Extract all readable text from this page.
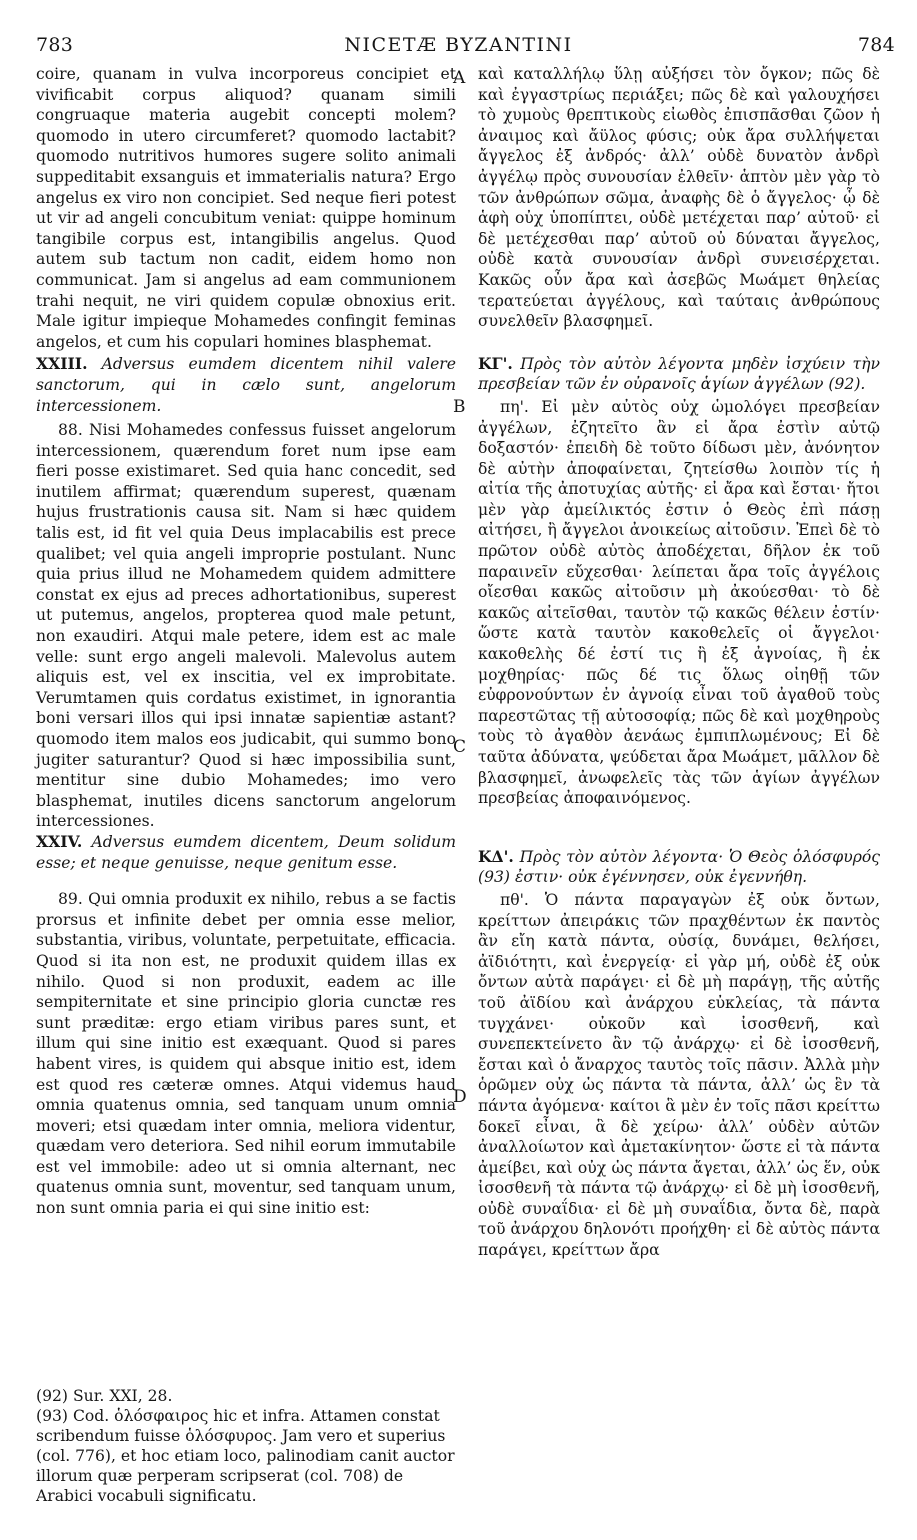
783	NICETÆ BYZANTINI	784
A
B
C
D

coire, quanam in vulva incorporeus concipiet et vivificabit corpus aliquod? quanam simili congruaque materia augebit concepti molem? quomodo in utero circumferet? quomodo lactabit? quomodo nutritivos humores sugere solito animali suppeditabit exsanguis et immaterialis natura? Ergo angelus ex viro non concipiet. Sed neque fieri potest ut vir ad angeli concubitum veniat: quippe hominum tangibile corpus est, intangibilis angelus. Quod autem sub tactum non cadit, eidem homo non communicat. Jam si angelus ad eam communionem trahi nequit, ne viri quidem copulæ obnoxius erit. Male igitur impieque Mohamedes confingit feminas angelos, et cum his copulari homines blasphemat.

XXIII. Adversus eumdem dicentem nihil valere sanctorum, qui in cælo sunt, angelorum intercessionem.

88. Nisi Mohamedes confessus fuisset angelorum intercessionem, quærendum foret num ipse eam fieri posse existimaret. Sed quia hanc concedit, sed inutilem affirmat; quærendum superest, quænam hujus frustrationis causa sit. Nam si hæc quidem talis est, id fit vel quia Deus implacabilis est prece qualibet; vel quia angeli improprie postulant. Nunc quia prius illud ne Mohamedem quidem admittere constat ex ejus ad preces adhortationibus, superest ut putemus, angelos, propterea quod male petunt, non exaudiri. Atqui male petere, idem est ac male velle: sunt ergo angeli malevoli. Malevolus autem aliquis est, vel ex inscitia, vel ex improbitate. Verumtamen quis cordatus existimet, in ignorantia boni versari illos qui ipsi innatæ sapientiæ astant? quomodo item malos eos judicabit, qui summo bono jugiter saturantur? Quod si hæc impossibilia sunt, mentitur sine dubio Mohamedes; imo vero blasphemat, inutiles dicens sanctorum angelorum intercessiones.

XXIV. Adversus eumdem dicentem, Deum solidum esse; et neque genuisse, neque genitum esse.

89. Qui omnia produxit ex nihilo, rebus a se factis prorsus et infinite debet per omnia esse melior, substantia, viribus, voluntate, perpetuitate, efficacia. Quod si ita non est, ne produxit quidem illas ex nihilo. Quod si non produxit, eadem ac ille sempiternitate et sine principio gloria cunctæ res sunt præditæ: ergo etiam viribus pares sunt, et illum qui sine initio est exæquant. Quod si pares habent vires, is quidem qui absque initio est, idem est quod res cæteræ omnes. Atqui videmus haud omnia quatenus omnia, sed tanquam unum omnia moveri; etsi quædam inter omnia, meliora videntur, quædam vero deteriora. Sed nihil eorum immutabile est vel immobile: adeo ut si omnia alternant, nec quatenus omnia sunt, moventur, sed tanquam unum, non sunt omnia paria ei qui sine initio est:

καὶ καταλλήλῳ ὕλῃ αὐξήσει τὸν ὄγκον; πῶς δὲ καὶ ἐγγαστρίως περιάξει; πῶς δὲ καὶ γαλουχήσει τὸ χυμοὺς θρεπτικοὺς εἰωθὸς ἐπισπᾶσθαι ζῶον ἡ ἀναιμος καὶ ἄϋλος φύσις; οὐκ ἄρα συλλήψεται ἄγγελος ἐξ ἀνδρός· ἀλλ’ οὐδὲ δυνατὸν ἀνδρὶ ἀγγέλῳ πρὸς συνουσίαν ἐλθεῖν· ἁπτὸν μὲν γὰρ τὸ τῶν ἀνθρώπων σῶμα, ἀναφὴς δὲ ὁ ἄγγελος· ᾧ δὲ ἁφὴ οὐχ ὑποπίπτει, οὐδὲ μετέχεται παρ’ αὐτοῦ· εἰ δὲ μετέχεσθαι παρ’ αὐτοῦ οὐ δύναται ἄγγελος, οὐδὲ κατὰ συνουσίαν ἀνδρὶ συνεισέρχεται. Κακῶς οὖν ἄρα καὶ ἀσεβῶς Μωάμετ θηλείας τερατεύεται ἀγγέλους, καὶ ταύταις ἀνθρώπους συνελθεῖν βλασφημεῖ.

ΚΓ'. Πρὸς τὸν αὐτὸν λέγοντα μηδὲν ἰσχύειν τὴν πρεσβείαν τῶν ἐν οὐρανοῖς ἁγίων ἀγγέλων (92).

πη'. Εἰ μὲν αὐτὸς οὐχ ὡμολόγει πρεσβείαν ἀγγέλων, ἐζητεῖτο ἂν εἰ ἄρα ἐστὶν αὐτῷ δοξαστόν· ἐπειδὴ δὲ τοῦτο δίδωσι μὲν, ἀνόνητον δὲ αὐτὴν ἀποφαίνεται, ζητείσθω λοιπὸν τίς ἡ αἰτία τῆς ἀποτυχίας αὐτῆς· εἰ ἄρα καὶ ἔσται· ἤτοι μὲν γὰρ ἀμείλικτός ἐστιν ὁ Θεὸς ἐπὶ πάσῃ αἰτήσει, ἢ ἄγγελοι ἀνοικείως αἰτοῦσιν. Ἐπεὶ δὲ τὸ πρῶτον οὐδὲ αὐτὸς ἀποδέχεται, δῆλον ἐκ τοῦ παραινεῖν εὔχεσθαι· λείπεται ἄρα τοῖς ἀγγέλοις οἴεσθαι κακῶς αἰτοῦσιν μὴ ἀκούεσθαι· τὸ δὲ κακῶς αἰτεῖσθαι, ταυτὸν τῷ κακῶς θέλειν ἐστίν· ὥστε κατὰ ταυτὸν κακοθελεῖς οἱ ἄγγελοι· κακοθελὴς δέ ἐστί τις ἢ ἐξ ἀγνοίας, ἢ ἐκ μοχθηρίας· πῶς δέ τις ὅλως οἰηθῇ τῶν εὐφρονούντων ἐν ἀγνοίᾳ εἶναι τοῦ ἀγαθοῦ τοὺς παρεστῶτας τῇ αὐτοσοφίᾳ; πῶς δὲ καὶ μοχθηροὺς τοὺς τὸ ἀγαθὸν ἀενάως ἐμπιπλωμένους; Εἰ δὲ ταῦτα ἀδύνατα, ψεύδεται ἄρα Μωάμετ, μᾶλλον δὲ βλασφημεῖ, ἀνωφελεῖς τὰς τῶν ἁγίων ἀγγέλων πρεσβείας ἀποφαινόμενος.

ΚΔ'. Πρὸς τὸν αὐτὸν λέγοντα· Ὁ Θεὸς ὁλόσφυρός (93) ἐστιν· οὐκ ἐγέννησεν, οὐκ ἐγεννήθη.

πθ'. Ὁ πάντα παραγαγὼν ἐξ οὐκ ὄντων, κρείττων ἀπειράκις τῶν πραχθέντων ἐκ παντὸς ἂν εἴη κατὰ πάντα, οὐσίᾳ, δυνάμει, θελήσει, ἀϊδιότητι, καὶ ἐνεργείᾳ· εἰ γὰρ μή, οὐδὲ ἐξ οὐκ ὄντων αὐτὰ παράγει· εἰ δὲ μὴ παράγῃ, τῆς αὐτῆς τοῦ ἀϊδίου καὶ ἀνάρχου εὐκλείας, τὰ πάντα τυγχάνει· οὐκοῦν καὶ ἰσοσθενῆ, καὶ συνεπεκτείνετο ἂν τῷ ἀνάρχῳ· εἰ δὲ ἰσοσθενῆ, ἔσται καὶ ὁ ἄναρχος ταυτὸς τοῖς πᾶσιν. Ἀλλὰ μὴν ὁρῶμεν οὐχ ὡς πάντα τὰ πάντα, ἀλλ’ ὡς ἓν τὰ πάντα ἀγόμενα· καίτοι ἃ μὲν ἐν τοῖς πᾶσι κρείττω δοκεῖ εἶναι, ἃ δὲ χείρω· ἀλλ’ οὐδὲν αὐτῶν ἀναλλοίωτον καὶ ἀμετακίνητον· ὥστε εἰ τὰ πάντα ἀμείβει, καὶ οὐχ ὡς πάντα ἄγεται, ἀλλ’ ὡς ἕν, οὐκ ἰσοσθενῆ τὰ πάντα τῷ ἀνάρχῳ· εἰ δὲ μὴ ἰσοσθενῆ, οὐδὲ συναΐδια· εἰ δὲ μὴ συναΐδια, ὄντα δὲ, παρὰ τοῦ ἀνάρχου δηλονότι προήχθη· εἰ δὲ αὐτὸς πάντα παράγει, κρείττων ἄρα

(92) Sur. XXI, 28.
(93) Cod. ὁλόσφαιρος hic et infra. Attamen constat scribendum fuisse ὁλόσφυρος. Jam vero et superius (col. 776), et hoc etiam loco, palinodiam canit auctor illorum quæ perperam scripserat (col. 708) de Arabici vocabuli significatu.
